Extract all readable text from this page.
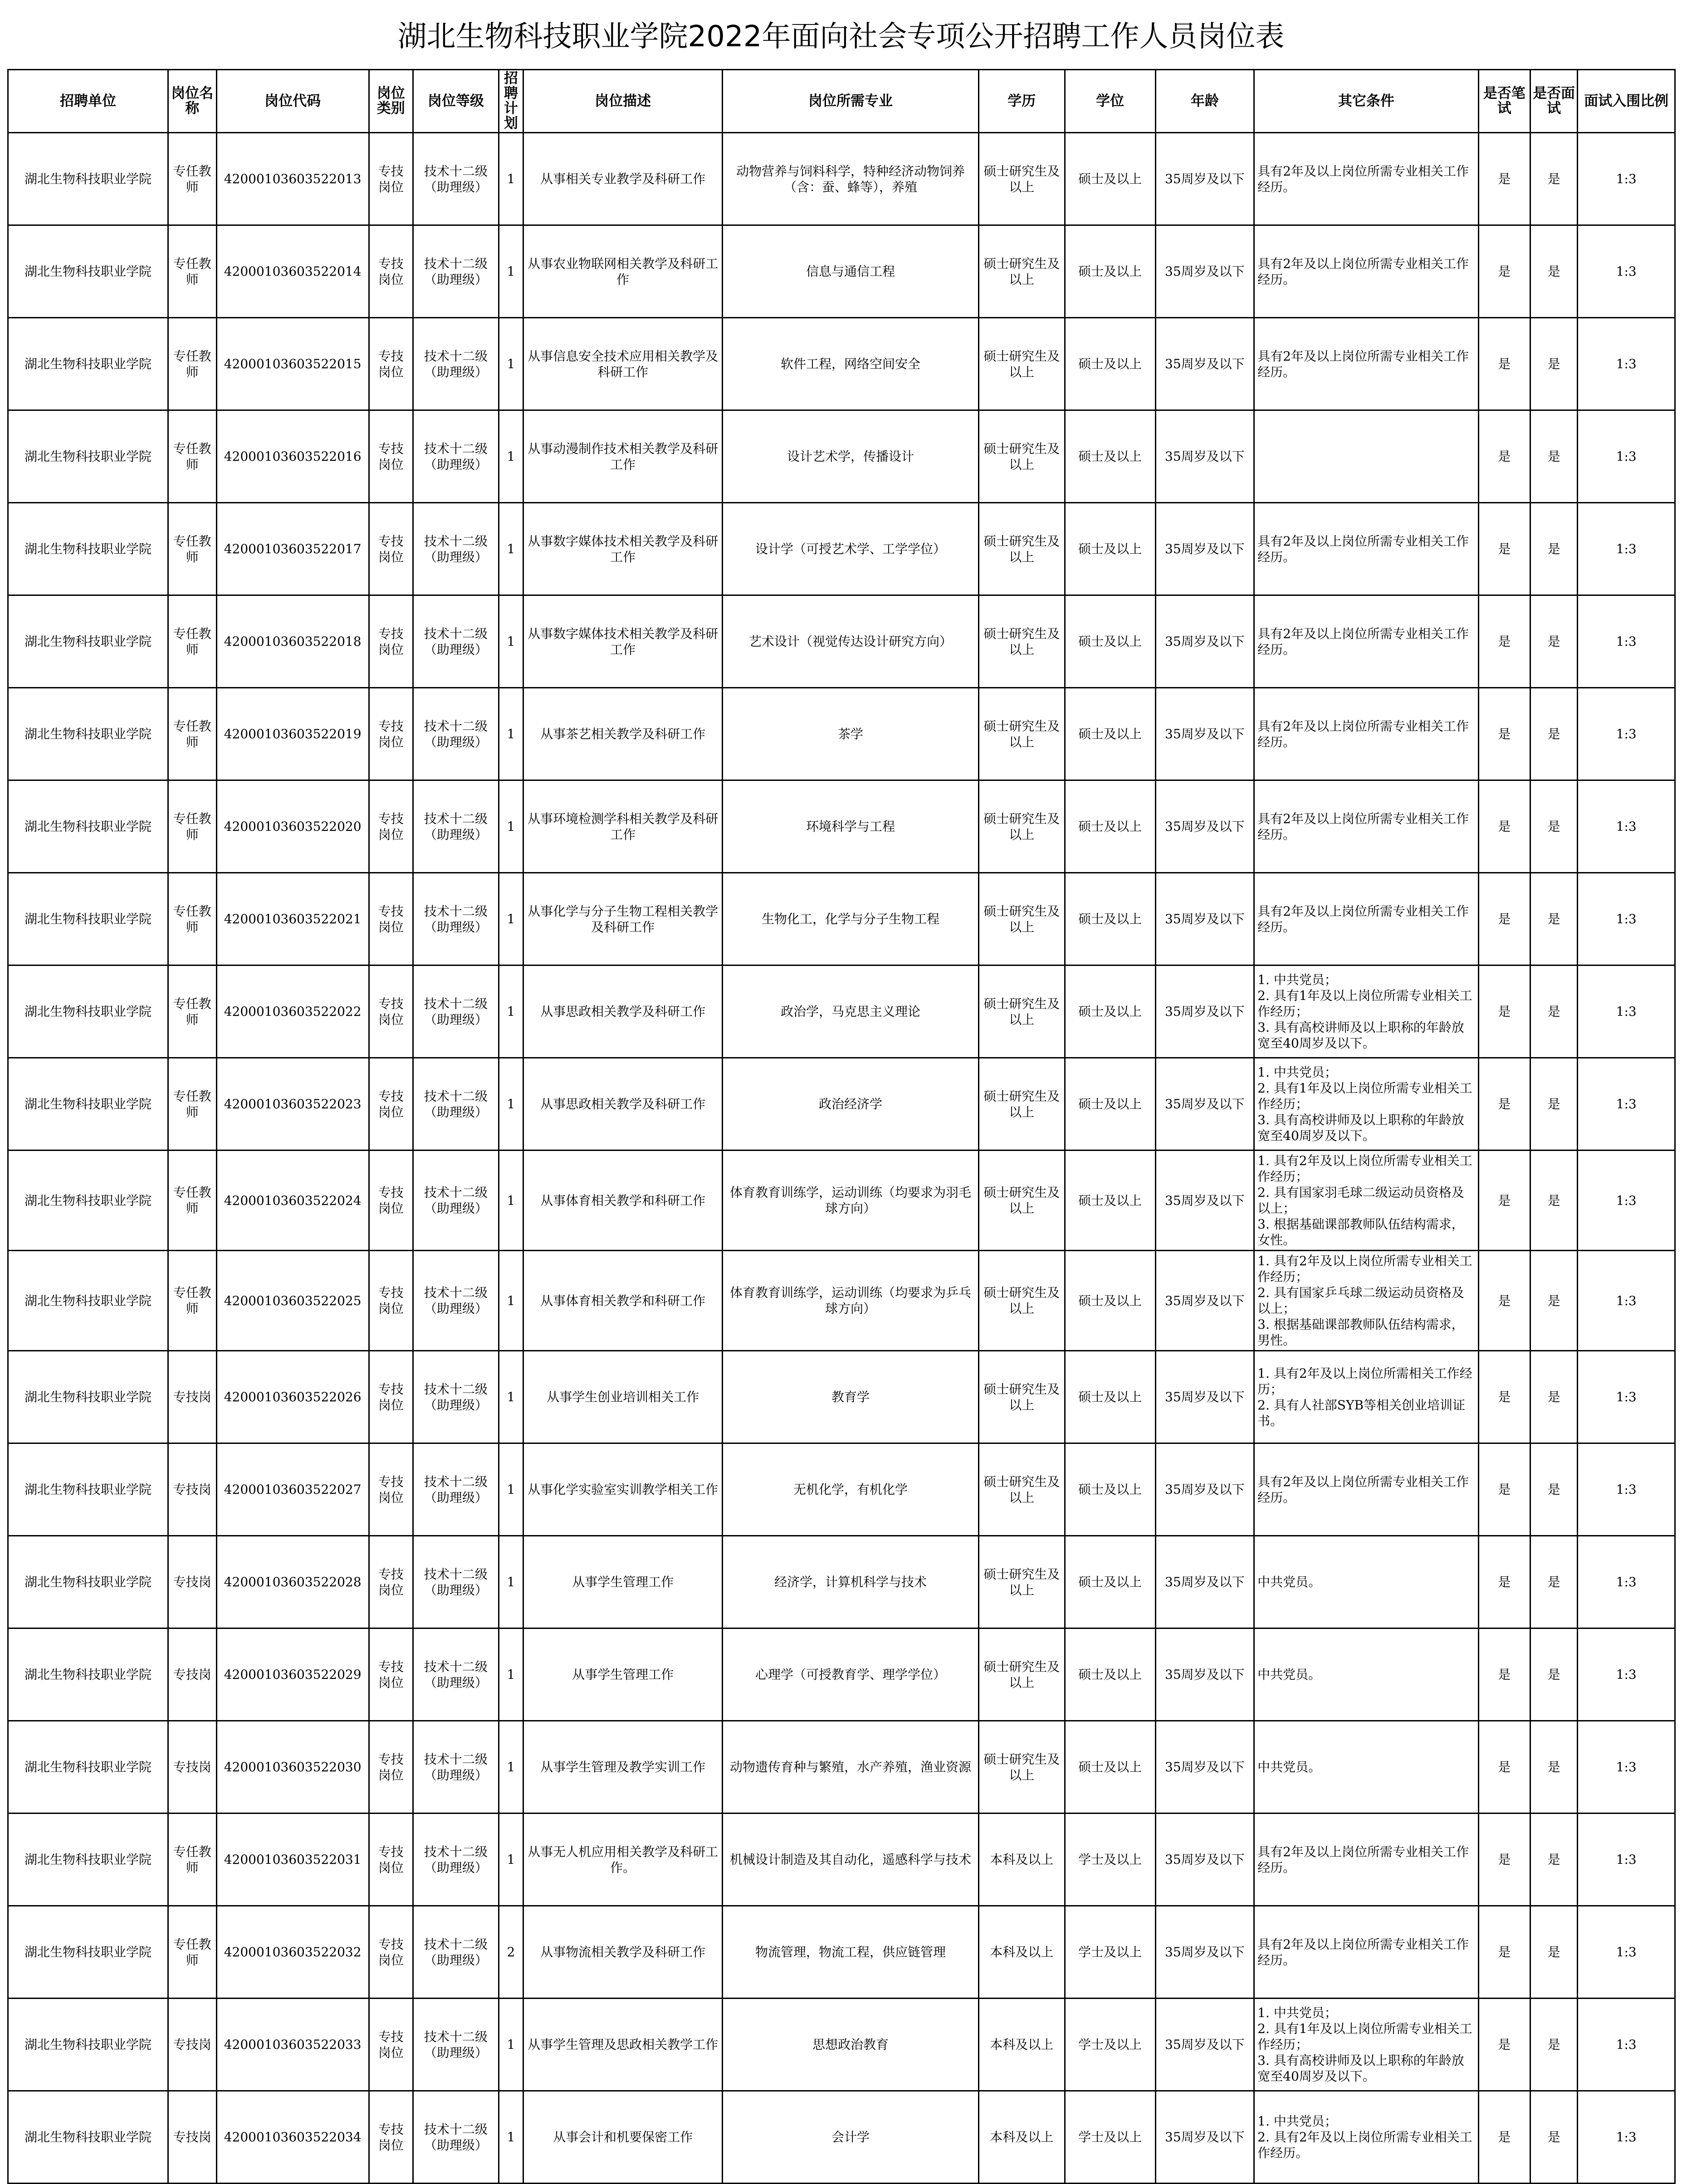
湖北生物科技职业学院2022年面向社会专项公开招聘工作人员岗位表
招聘单位	岗位名称	岗位代码	岗位类别	岗位等级	招聘计划	岗位描述	岗位所需专业	学历	学位	年龄	其它条件	是否笔试	是否面试	面试入围比例
湖北生物科技职业学院	专任教师	42000103603522013	专技岗位	技术十二级（助理级）	1	从事相关专业教学及科研工作	动物营养与饲料科学，特种经济动物饲养（含：蚕、蜂等），养殖	硕士研究生及以上	硕士及以上	35周岁及以下	具有2年及以上岗位所需专业相关工作经历。	是	是	1:3
湖北生物科技职业学院	专任教师	42000103603522014	专技岗位	技术十二级（助理级）	1	从事农业物联网相关教学及科研工作	信息与通信工程	硕士研究生及以上	硕士及以上	35周岁及以下	具有2年及以上岗位所需专业相关工作经历。	是	是	1:3
湖北生物科技职业学院	专任教师	42000103603522015	专技岗位	技术十二级（助理级）	1	从事信息安全技术应用相关教学及科研工作	软件工程，网络空间安全	硕士研究生及以上	硕士及以上	35周岁及以下	具有2年及以上岗位所需专业相关工作经历。	是	是	1:3
湖北生物科技职业学院	专任教师	42000103603522016	专技岗位	技术十二级（助理级）	1	从事动漫制作技术相关教学及科研工作	设计艺术学，传播设计	硕士研究生及以上	硕士及以上	35周岁及以下		是	是	1:3
湖北生物科技职业学院	专任教师	42000103603522017	专技岗位	技术十二级（助理级）	1	从事数字媒体技术相关教学及科研工作	设计学（可授艺术学、工学学位）	硕士研究生及以上	硕士及以上	35周岁及以下	具有2年及以上岗位所需专业相关工作经历。	是	是	1:3
湖北生物科技职业学院	专任教师	42000103603522018	专技岗位	技术十二级（助理级）	1	从事数字媒体技术相关教学及科研工作	艺术设计（视觉传达设计研究方向）	硕士研究生及以上	硕士及以上	35周岁及以下	具有2年及以上岗位所需专业相关工作经历。	是	是	1:3
湖北生物科技职业学院	专任教师	42000103603522019	专技岗位	技术十二级（助理级）	1	从事茶艺相关教学及科研工作	茶学	硕士研究生及以上	硕士及以上	35周岁及以下	具有2年及以上岗位所需专业相关工作经历。	是	是	1:3
湖北生物科技职业学院	专任教师	42000103603522020	专技岗位	技术十二级（助理级）	1	从事环境检测学科相关教学及科研工作	环境科学与工程	硕士研究生及以上	硕士及以上	35周岁及以下	具有2年及以上岗位所需专业相关工作经历。	是	是	1:3
湖北生物科技职业学院	专任教师	42000103603522021	专技岗位	技术十二级（助理级）	1	从事化学与分子生物工程相关教学及科研工作	生物化工，化学与分子生物工程	硕士研究生及以上	硕士及以上	35周岁及以下	具有2年及以上岗位所需专业相关工作经历。	是	是	1:3
湖北生物科技职业学院	专任教师	42000103603522022	专技岗位	技术十二级（助理级）	1	从事思政相关教学及科研工作	政治学，马克思主义理论	硕士研究生及以上	硕士及以上	35周岁及以下	1. 中共党员；
2. 具有1年及以上岗位所需专业相关工作经历；
3. 具有高校讲师及以上职称的年龄放宽至40周岁及以下。	是	是	1:3
湖北生物科技职业学院	专任教师	42000103603522023	专技岗位	技术十二级（助理级）	1	从事思政相关教学及科研工作	政治经济学	硕士研究生及以上	硕士及以上	35周岁及以下	1. 中共党员；
2. 具有1年及以上岗位所需专业相关工作经历；
3. 具有高校讲师及以上职称的年龄放宽至40周岁及以下。	是	是	1:3
湖北生物科技职业学院	专任教师	42000103603522024	专技岗位	技术十二级（助理级）	1	从事体育相关教学和科研工作	体育教育训练学，运动训练（均要求为羽毛球方向）	硕士研究生及以上	硕士及以上	35周岁及以下	1. 具有2年及以上岗位所需专业相关工作经历；
2. 具有国家羽毛球二级运动员资格及以上；
3. 根据基础课部教师队伍结构需求，女性。	是	是	1:3
湖北生物科技职业学院	专任教师	42000103603522025	专技岗位	技术十二级（助理级）	1	从事体育相关教学和科研工作	体育教育训练学，运动训练（均要求为乒乓球方向）	硕士研究生及以上	硕士及以上	35周岁及以下	1. 具有2年及以上岗位所需专业相关工作经历；
2. 具有国家乒乓球二级运动员资格及以上；
3. 根据基础课部教师队伍结构需求，男性。	是	是	1:3
湖北生物科技职业学院	专技岗	42000103603522026	专技岗位	技术十二级（助理级）	1	从事学生创业培训相关工作	教育学	硕士研究生及以上	硕士及以上	35周岁及以下	1. 具有2年及以上岗位所需相关工作经历；
2. 具有人社部SYB等相关创业培训证书。	是	是	1:3
湖北生物科技职业学院	专技岗	42000103603522027	专技岗位	技术十二级（助理级）	1	从事化学实验室实训教学相关工作	无机化学，有机化学	硕士研究生及以上	硕士及以上	35周岁及以下	具有2年及以上岗位所需专业相关工作经历。	是	是	1:3
湖北生物科技职业学院	专技岗	42000103603522028	专技岗位	技术十二级（助理级）	1	从事学生管理工作	经济学，计算机科学与技术	硕士研究生及以上	硕士及以上	35周岁及以下	中共党员。	是	是	1:3
湖北生物科技职业学院	专技岗	42000103603522029	专技岗位	技术十二级（助理级）	1	从事学生管理工作	心理学（可授教育学、理学学位）	硕士研究生及以上	硕士及以上	35周岁及以下	中共党员。	是	是	1:3
湖北生物科技职业学院	专技岗	42000103603522030	专技岗位	技术十二级（助理级）	1	从事学生管理及教学实训工作	动物遗传育种与繁殖，水产养殖，渔业资源	硕士研究生及以上	硕士及以上	35周岁及以下	中共党员。	是	是	1:3
湖北生物科技职业学院	专任教师	42000103603522031	专技岗位	技术十二级（助理级）	1	从事无人机应用相关教学及科研工作。	机械设计制造及其自动化，遥感科学与技术	本科及以上	学士及以上	35周岁及以下	具有2年及以上岗位所需专业相关工作经历。	是	是	1:3
湖北生物科技职业学院	专任教师	42000103603522032	专技岗位	技术十二级（助理级）	2	从事物流相关教学及科研工作	物流管理，物流工程，供应链管理	本科及以上	学士及以上	35周岁及以下	具有2年及以上岗位所需专业相关工作经历。	是	是	1:3
湖北生物科技职业学院	专技岗	42000103603522033	专技岗位	技术十二级（助理级）	1	从事学生管理及思政相关教学工作	思想政治教育	本科及以上	学士及以上	35周岁及以下	1. 中共党员；
2. 具有1年及以上岗位所需专业相关工作经历；
3. 具有高校讲师及以上职称的年龄放宽至40周岁及以下。	是	是	1:3
湖北生物科技职业学院	专技岗	42000103603522034	专技岗位	技术十二级（助理级）	1	从事会计和机要保密工作	会计学	本科及以上	学士及以上	35周岁及以下	1. 中共党员；
2. 具有2年及以上岗位所需专业相关工作经历。	是	是	1:3
